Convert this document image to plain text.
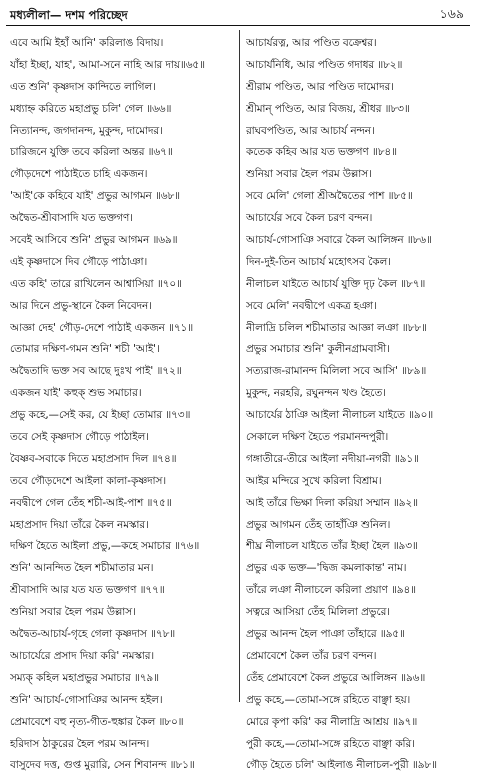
মধ্যলীলা— দশম পরিচ্ছেদ	১৬৯
এবে আমি ইহাঁ আনি' করিলাঙ বিদায়।
যাঁহা ইচ্ছা, যাহ', আমা-সনে নাহি আর দায়॥৬৫॥
এত শুনি' কৃষ্ণদাস কান্দিতে লাগিল।
মধ্যাহ্ন করিতে মহাপ্রভু চলি' গেল ॥৬৬॥
নিত্যানন্দ, জগদানন্দ, মুকুন্দ, দামোদর।
চারিজনে যুক্তি তবে করিলা অন্তর ॥৬৭॥
গৌড়দেশে পাঠাইতে চাহি একজন।
'আই'কে কহিবে যাই' প্রভুর আগমন ॥৬৮॥
অদ্বৈত-শ্রীবাসাদি যত ভক্তগণ।
সবেই আসিবে শুনি' প্রভুর আগমন ॥৬৯॥
এই কৃষ্ণদাসে দিব গৌড়ে পাঠাঞা।
এত কহি' তারে রাখিলেন আশ্বাসিয়া ॥৭০॥
আর দিনে প্রভু-স্থানে কৈল নিবেদন।
আজ্ঞা দেহ' গৌড়-দেশে পাঠাই একজন ॥৭১॥
তোমার দক্ষিণ-গমন শুনি' শচী 'আই'।
অদ্বৈতাদি ভক্ত সব আছে দুঃখ পাই' ॥৭২॥
একজন যাই' কহুক্ শুভ সমাচার।
প্রভু কহে,—সেই কর, যে ইচ্ছা তোমার ॥৭৩॥
তবে সেই কৃষ্ণদাস গৌড়ে পাঠাইল।
বৈষ্ণব-সবাকে দিতে মহাপ্রসাদ দিল ॥৭৪॥
তবে গৌড়দেশে আইলা কালা-কৃষ্ণদাস।
নবদ্বীপে গেল তেঁহ শচী-আই-পাশ ॥৭৫॥
মহাপ্রসাদ দিয়া তাঁরে কৈল নমস্কার।
দক্ষিণ হৈতে আইলা প্রভু,—কহে সমাচার ॥৭৬॥
শুনি' আনন্দিত হৈল শচীমাতার মন।
শ্রীবাসাদি আর যত যত ভক্তগণ ॥৭৭॥
শুনিয়া সবার হৈল পরম উল্লাস।
অদ্বৈত-আচার্য-গৃহে গেলা কৃষ্ণদাস ॥৭৮॥
আচার্যেরে প্রসাদ দিয়া করি' নমস্কার।
সম্যক্ কহিল মহাপ্রভুর সমাচার ॥৭৯॥
শুনি' আচার্য-গোসাঞির আনন্দ হইল।
প্রেমাবেশে বহু নৃত্য-গীত-হুঙ্কার কৈল ॥৮০॥
হরিদাস ঠাকুরের হৈল পরম আনন্দ।
বাসুদেব দত্ত, গুপ্ত মুরারি, সেন শিবানন্দ ॥৮১॥
আচার্যরত্ন, আর পণ্ডিত বক্রেশ্বর।
আচার্যনিধি, আর পণ্ডিত গদাধর ॥৮২॥
শ্রীরাম পণ্ডিত, আর পণ্ডিত দামোদর।
শ্রীমান্ পণ্ডিত, আর বিজয়, শ্রীধর ॥৮৩॥
রাঘবপণ্ডিত, আর আচার্য নন্দন।
কতেক কহিব আর যত ভক্তগণ ॥৮৪॥
শুনিয়া সবার হৈল পরম উল্লাস।
সবে মেলি' গেলা শ্রীঅদ্বৈতের পাশ ॥৮৫॥
আচার্যের সবে কৈল চরণ বন্দন।
আচার্য-গোসাঞি সবারে কৈল আলিঙ্গন ॥৮৬॥
দিন-দুই-তিন আচার্য মহোৎসব কৈল।
নীলাচল যাইতে আচার্য যুক্তি দৃঢ় কৈল ॥৮৭॥
সবে মেলি' নবদ্বীপে একত্র হঞা।
নীলাদ্রি চলিল শচীমাতার আজ্ঞা লঞা ॥৮৮॥
প্রভুর সমাচার শুনি' কুলীনগ্রামবাসী।
সত্যরাজ-রামানন্দ মিলিলা সবে আসি' ॥৮৯॥
মুকুন্দ, নরহরি, রঘুনন্দন খণ্ড হৈতে।
আচার্যের ঠাঞি আইলা নীলাচল যাইতে ॥৯০॥
সেকালে দক্ষিণ হৈতে পরমানন্দপুরী।
গঙ্গাতীরে-তীরে আইলা নদীয়া-নগরী ॥৯১॥
আইর মন্দিরে সুখে করিলা বিশ্রাম।
আই তাঁরে ভিক্ষা দিলা করিয়া সম্মান ॥৯২॥
প্রভুর আগমন তেঁহ তাহাঁঞি শুনিল।
শীঘ্র নীলাচল যাইতে তাঁর ইচ্ছা হৈল ॥৯৩॥
প্রভুর এক ভক্ত—'দ্বিজ কমলাকান্ত' নাম।
তাঁরে লঞা নীলাচলে করিলা প্রয়াণ ॥৯৪॥
সত্বরে আসিয়া তেঁহ মিলিলা প্রভুরে।
প্রভুর আনন্দ হৈল পাঞা তাঁহারে ॥৯৫॥
প্রেমাবেশে কৈল তাঁর চরণ বন্দন।
তেঁহ প্রেমাবেশে কৈল প্রভুরে আলিঙ্গন ॥৯৬॥
প্রভু কহে,—তোমা-সঙ্গে রহিতে বাঞ্ছা হয়।
মোরে কৃপা করি' কর নীলাদ্রি আশ্রয় ॥৯৭॥
পুরী কহে,—তোমা-সঙ্গে রহিতে বাঞ্ছা করি।
গৌড় হৈতে চলি' আইলাঙ নীলাচল-পুরী ॥৯৮॥
